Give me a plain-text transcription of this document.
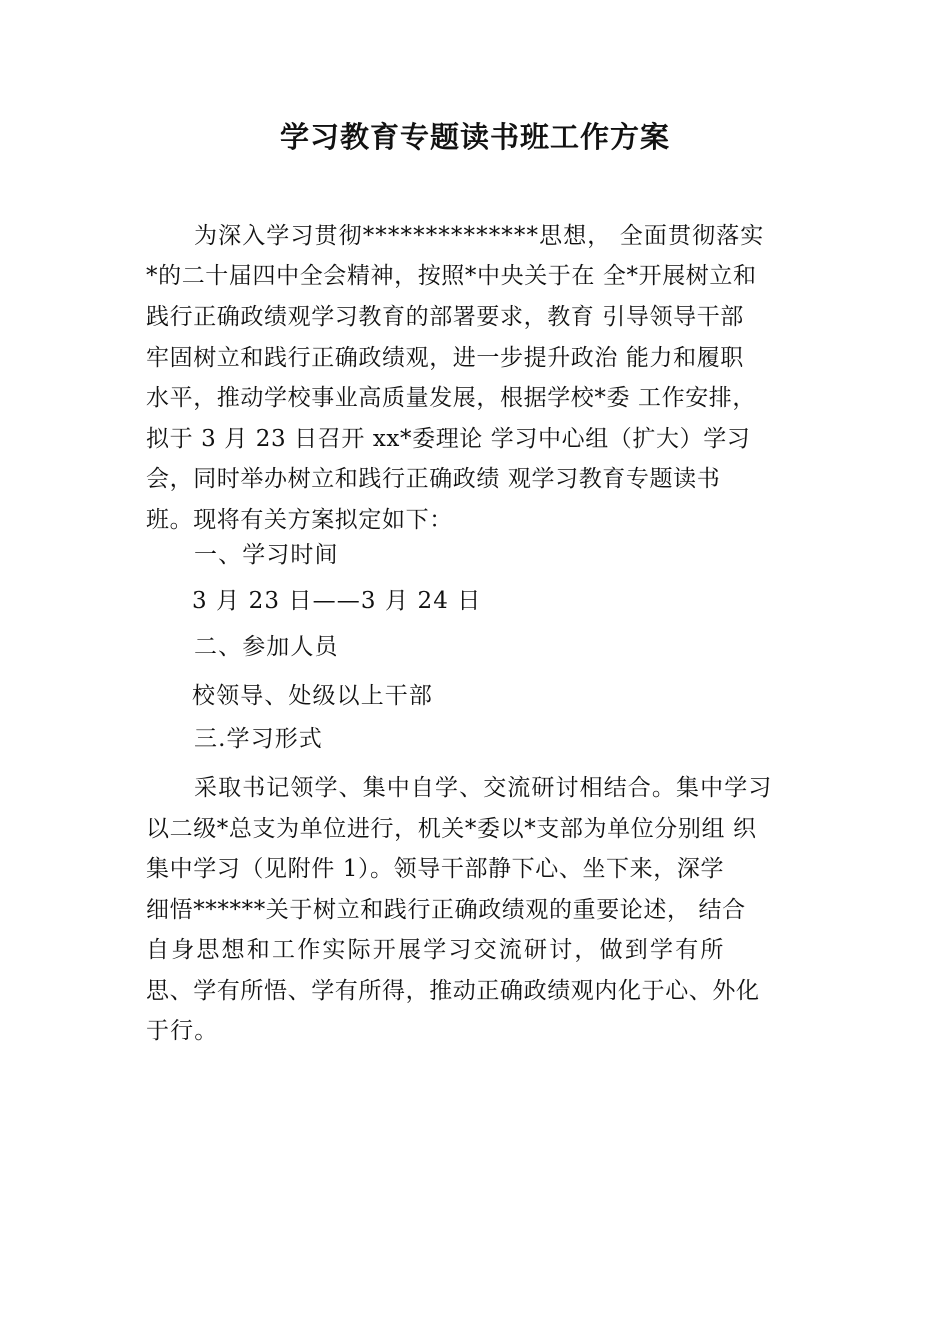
学习教育专题读书班工作方案

为深入学习贯彻**************思想， 全面贯彻落实

*的二十届四中全会精神，按照*中央关于在 全*开展树立和

践行正确政绩观学习教育的部署要求，教育 引导领导干部

牢固树立和践行正确政绩观，进一步提升政治 能力和履职

水平，推动学校事业高质量发展，根据学校*委 工作安排，

拟于 3 月 23 日召开 xx*委理论 学习中心组（扩大）学习

会，同时举办树立和践行正确政绩 观学习教育专题读书

班。现将有关方案拟定如下：

一、学习时间

3 月 23 日——3 月 24 日

二、参加人员

校领导、处级以上干部

三.学习形式

采取书记领学、集中自学、交流研讨相结合。集中学习

以二级*总支为单位进行，机关*委以*支部为单位分别组 织

集中学习（见附件 1）。领导干部静下心、坐下来，深学

细悟******关于树立和践行正确政绩观的重要论述， 结合

自身思想和工作实际开展学习交流研讨，做到学有所

思、学有所悟、学有所得，推动正确政绩观内化于心、外化

于行。
